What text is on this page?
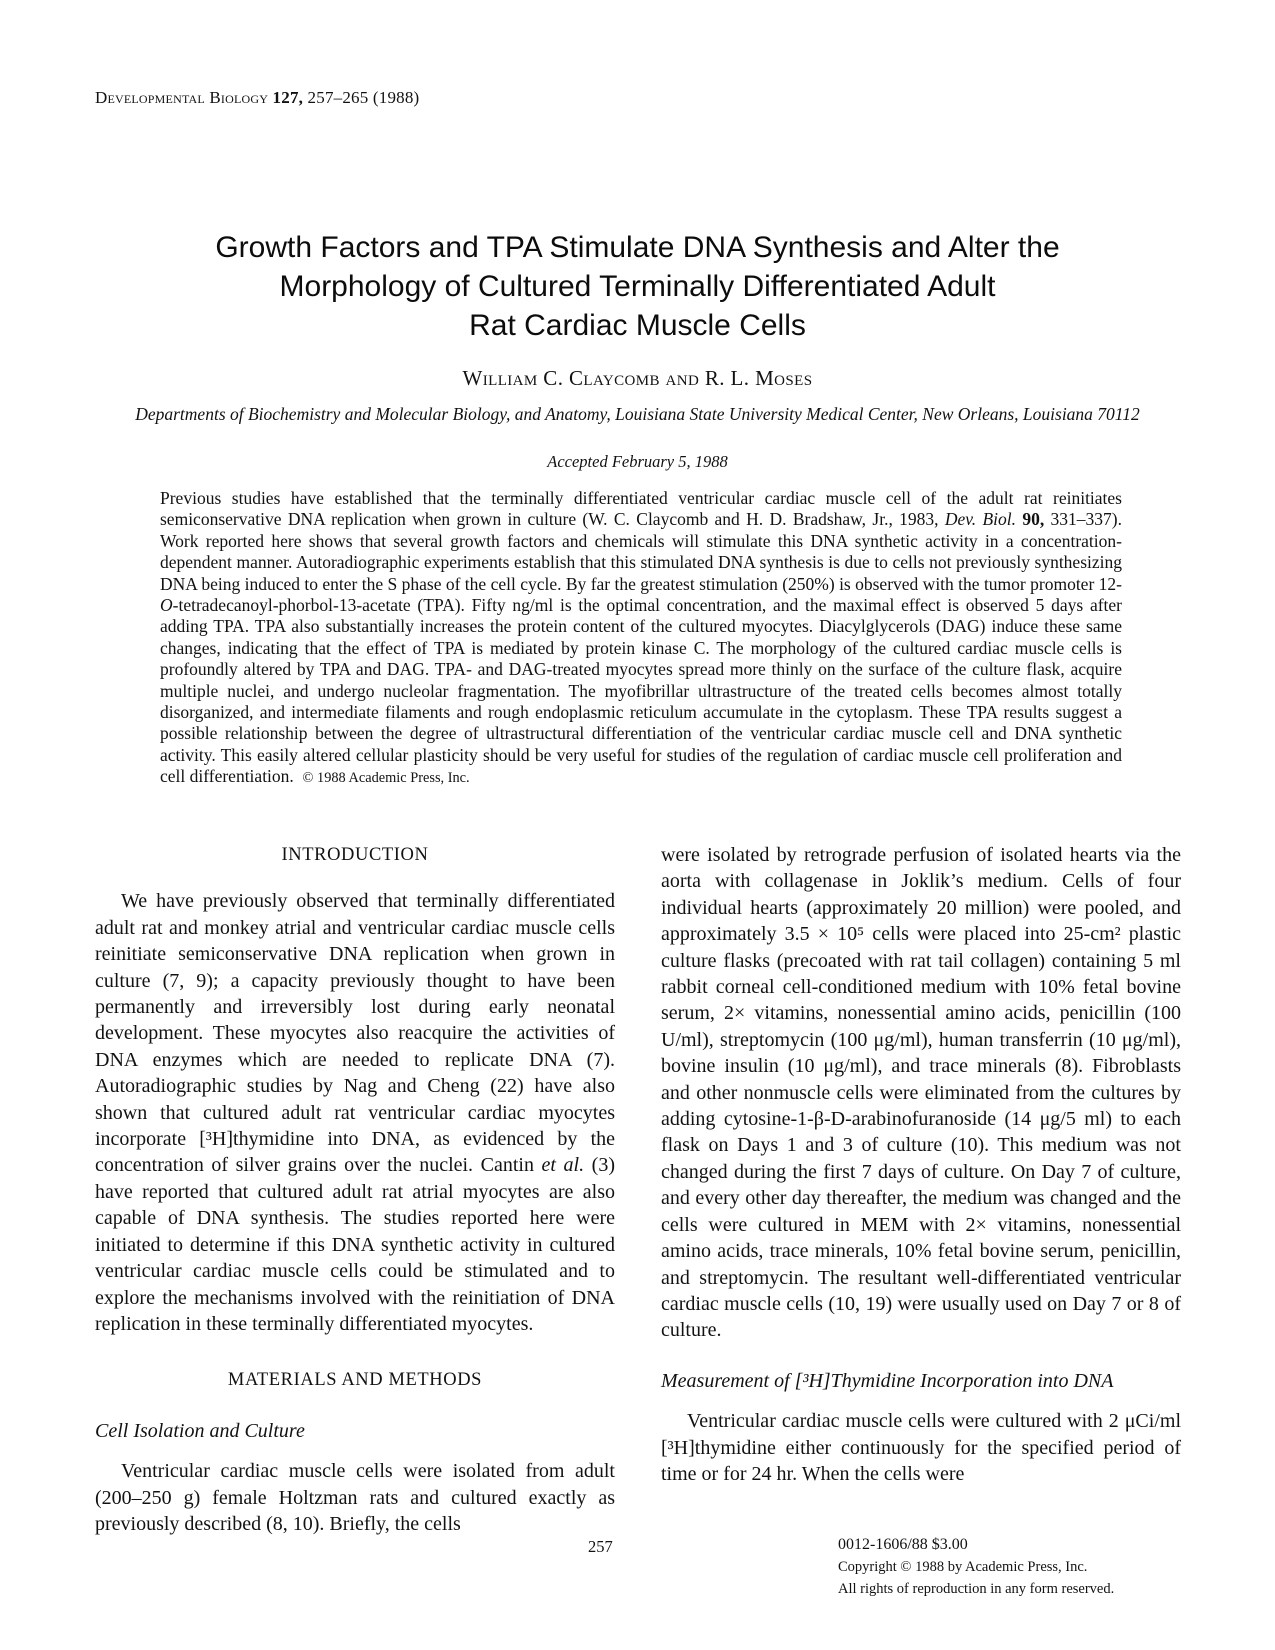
Developmental Biology 127, 257–265 (1988)
Growth Factors and TPA Stimulate DNA Synthesis and Alter the
Morphology of Cultured Terminally Differentiated Adult
Rat Cardiac Muscle Cells
William C. Claycomb and R. L. Moses
Departments of Biochemistry and Molecular Biology, and Anatomy, Louisiana State University Medical Center, New Orleans, Louisiana 70112
Accepted February 5, 1988
Previous studies have established that the terminally differentiated ventricular cardiac muscle cell of the adult rat reinitiates semiconservative DNA replication when grown in culture (W. C. Claycomb and H. D. Bradshaw, Jr., 1983, Dev. Biol. 90, 331–337). Work reported here shows that several growth factors and chemicals will stimulate this DNA synthetic activity in a concentration-dependent manner. Autoradiographic experiments establish that this stimulated DNA synthesis is due to cells not previously synthesizing DNA being induced to enter the S phase of the cell cycle. By far the greatest stimulation (250%) is observed with the tumor promoter 12-O-tetradecanoyl-phorbol-13-acetate (TPA). Fifty ng/ml is the optimal concentration, and the maximal effect is observed 5 days after adding TPA. TPA also substantially increases the protein content of the cultured myocytes. Diacylglycerols (DAG) induce these same changes, indicating that the effect of TPA is mediated by protein kinase C. The morphology of the cultured cardiac muscle cells is profoundly altered by TPA and DAG. TPA- and DAG-treated myocytes spread more thinly on the surface of the culture flask, acquire multiple nuclei, and undergo nucleolar fragmentation. The myofibrillar ultrastructure of the treated cells becomes almost totally disorganized, and intermediate filaments and rough endoplasmic reticulum accumulate in the cytoplasm. These TPA results suggest a possible relationship between the degree of ultrastructural differentiation of the ventricular cardiac muscle cell and DNA synthetic activity. This easily altered cellular plasticity should be very useful for studies of the regulation of cardiac muscle cell proliferation and cell differentiation. © 1988 Academic Press, Inc.
INTRODUCTION

We have previously observed that terminally differentiated adult rat and monkey atrial and ventricular cardiac muscle cells reinitiate semiconservative DNA replication when grown in culture (7, 9); a capacity previously thought to have been permanently and irreversibly lost during early neonatal development. These myocytes also reacquire the activities of DNA enzymes which are needed to replicate DNA (7). Autoradiographic studies by Nag and Cheng (22) have also shown that cultured adult rat ventricular cardiac myocytes incorporate [³H]thymidine into DNA, as evidenced by the concentration of silver grains over the nuclei. Cantin et al. (3) have reported that cultured adult rat atrial myocytes are also capable of DNA synthesis. The studies reported here were initiated to determine if this DNA synthetic activity in cultured ventricular cardiac muscle cells could be stimulated and to explore the mechanisms involved with the reinitiation of DNA replication in these terminally differentiated myocytes.

MATERIALS AND METHODS
Cell Isolation and Culture

Ventricular cardiac muscle cells were isolated from adult (200–250 g) female Holtzman rats and cultured exactly as previously described (8, 10). Briefly, the cells

were isolated by retrograde perfusion of isolated hearts via the aorta with collagenase in Joklik’s medium. Cells of four individual hearts (approximately 20 million) were pooled, and approximately 3.5 × 10⁵ cells were placed into 25-cm² plastic culture flasks (precoated with rat tail collagen) containing 5 ml rabbit corneal cell-conditioned medium with 10% fetal bovine serum, 2× vitamins, nonessential amino acids, penicillin (100 U/ml), streptomycin (100 μg/ml), human transferrin (10 μg/ml), bovine insulin (10 μg/ml), and trace minerals (8). Fibroblasts and other nonmuscle cells were eliminated from the cultures by adding cytosine-1-β-D-arabinofuranoside (14 μg/5 ml) to each flask on Days 1 and 3 of culture (10). This medium was not changed during the first 7 days of culture. On Day 7 of culture, and every other day thereafter, the medium was changed and the cells were cultured in MEM with 2× vitamins, nonessential amino acids, trace minerals, 10% fetal bovine serum, penicillin, and streptomycin. The resultant well-differentiated ventricular cardiac muscle cells (10, 19) were usually used on Day 7 or 8 of culture.

Measurement of [³H]Thymidine Incorporation into DNA

Ventricular cardiac muscle cells were cultured with 2 μCi/ml [³H]thymidine either continuously for the specified period of time or for 24 hr. When the cells were

257	0012-1606/88 $3.00
Copyright © 1988 by Academic Press, Inc.
All rights of reproduction in any form reserved.
